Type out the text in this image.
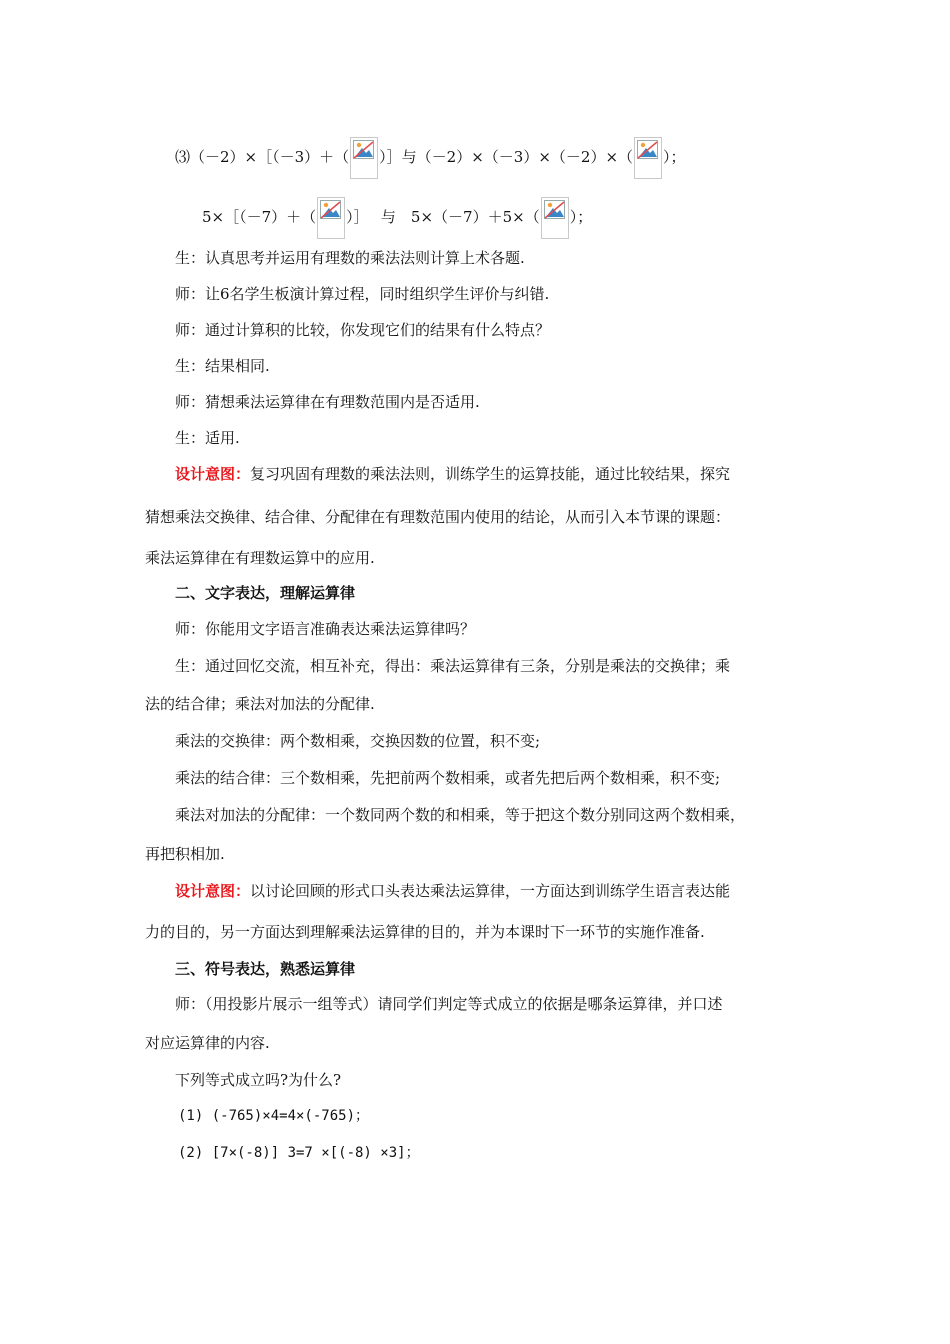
⑶（－2）×［（－3）＋（ ）］与（－2）×（－3）×（－2）×（ ）；
5×［（－7）＋（ ）］　 与　5×（－7）＋5×（ ）；
生：认真思考并运用有理数的乘法法则计算上术各题.
师：让6名学生板演计算过程，同时组织学生评价与纠错.
师：通过计算积的比较，你发现它们的结果有什么特点？
生：结果相同.
师：猜想乘法运算律在有理数范围内是否适用.
生：适用.
设计意图：复习巩固有理数的乘法法则，训练学生的运算技能，通过比较结果，探究
猜想乘法交换律、结合律、分配律在有理数范围内使用的结论，从而引入本节课的课题：
乘法运算律在有理数运算中的应用.
二、文字表达，理解运算律
师：你能用文字语言准确表达乘法运算律吗？
生：通过回忆交流，相互补充，得出：乘法运算律有三条，分别是乘法的交换律；乘
法的结合律；乘法对加法的分配律.
乘法的交换律：两个数相乘，交换因数的位置，积不变;
乘法的结合律：三个数相乘，先把前两个数相乘，或者先把后两个数相乘，积不变;
乘法对加法的分配律：一个数同两个数的和相乘，等于把这个数分别同这两个数相乘，
再把积相加.
设计意图：以讨论回顾的形式口头表达乘法运算律，一方面达到训练学生语言表达能
力的目的，另一方面达到理解乘法运算律的目的，并为本课时下一环节的实施作准备.
三、符号表达，熟悉运算律
师：（用投影片展示一组等式）请同学们判定等式成立的依据是哪条运算律，并口述
对应运算律的内容.
下列等式成立吗?为什么?
(1) (-765)×4=4×(-765)；
(2) [7×(-8)] 3=7 ×[(-8) ×3]；
